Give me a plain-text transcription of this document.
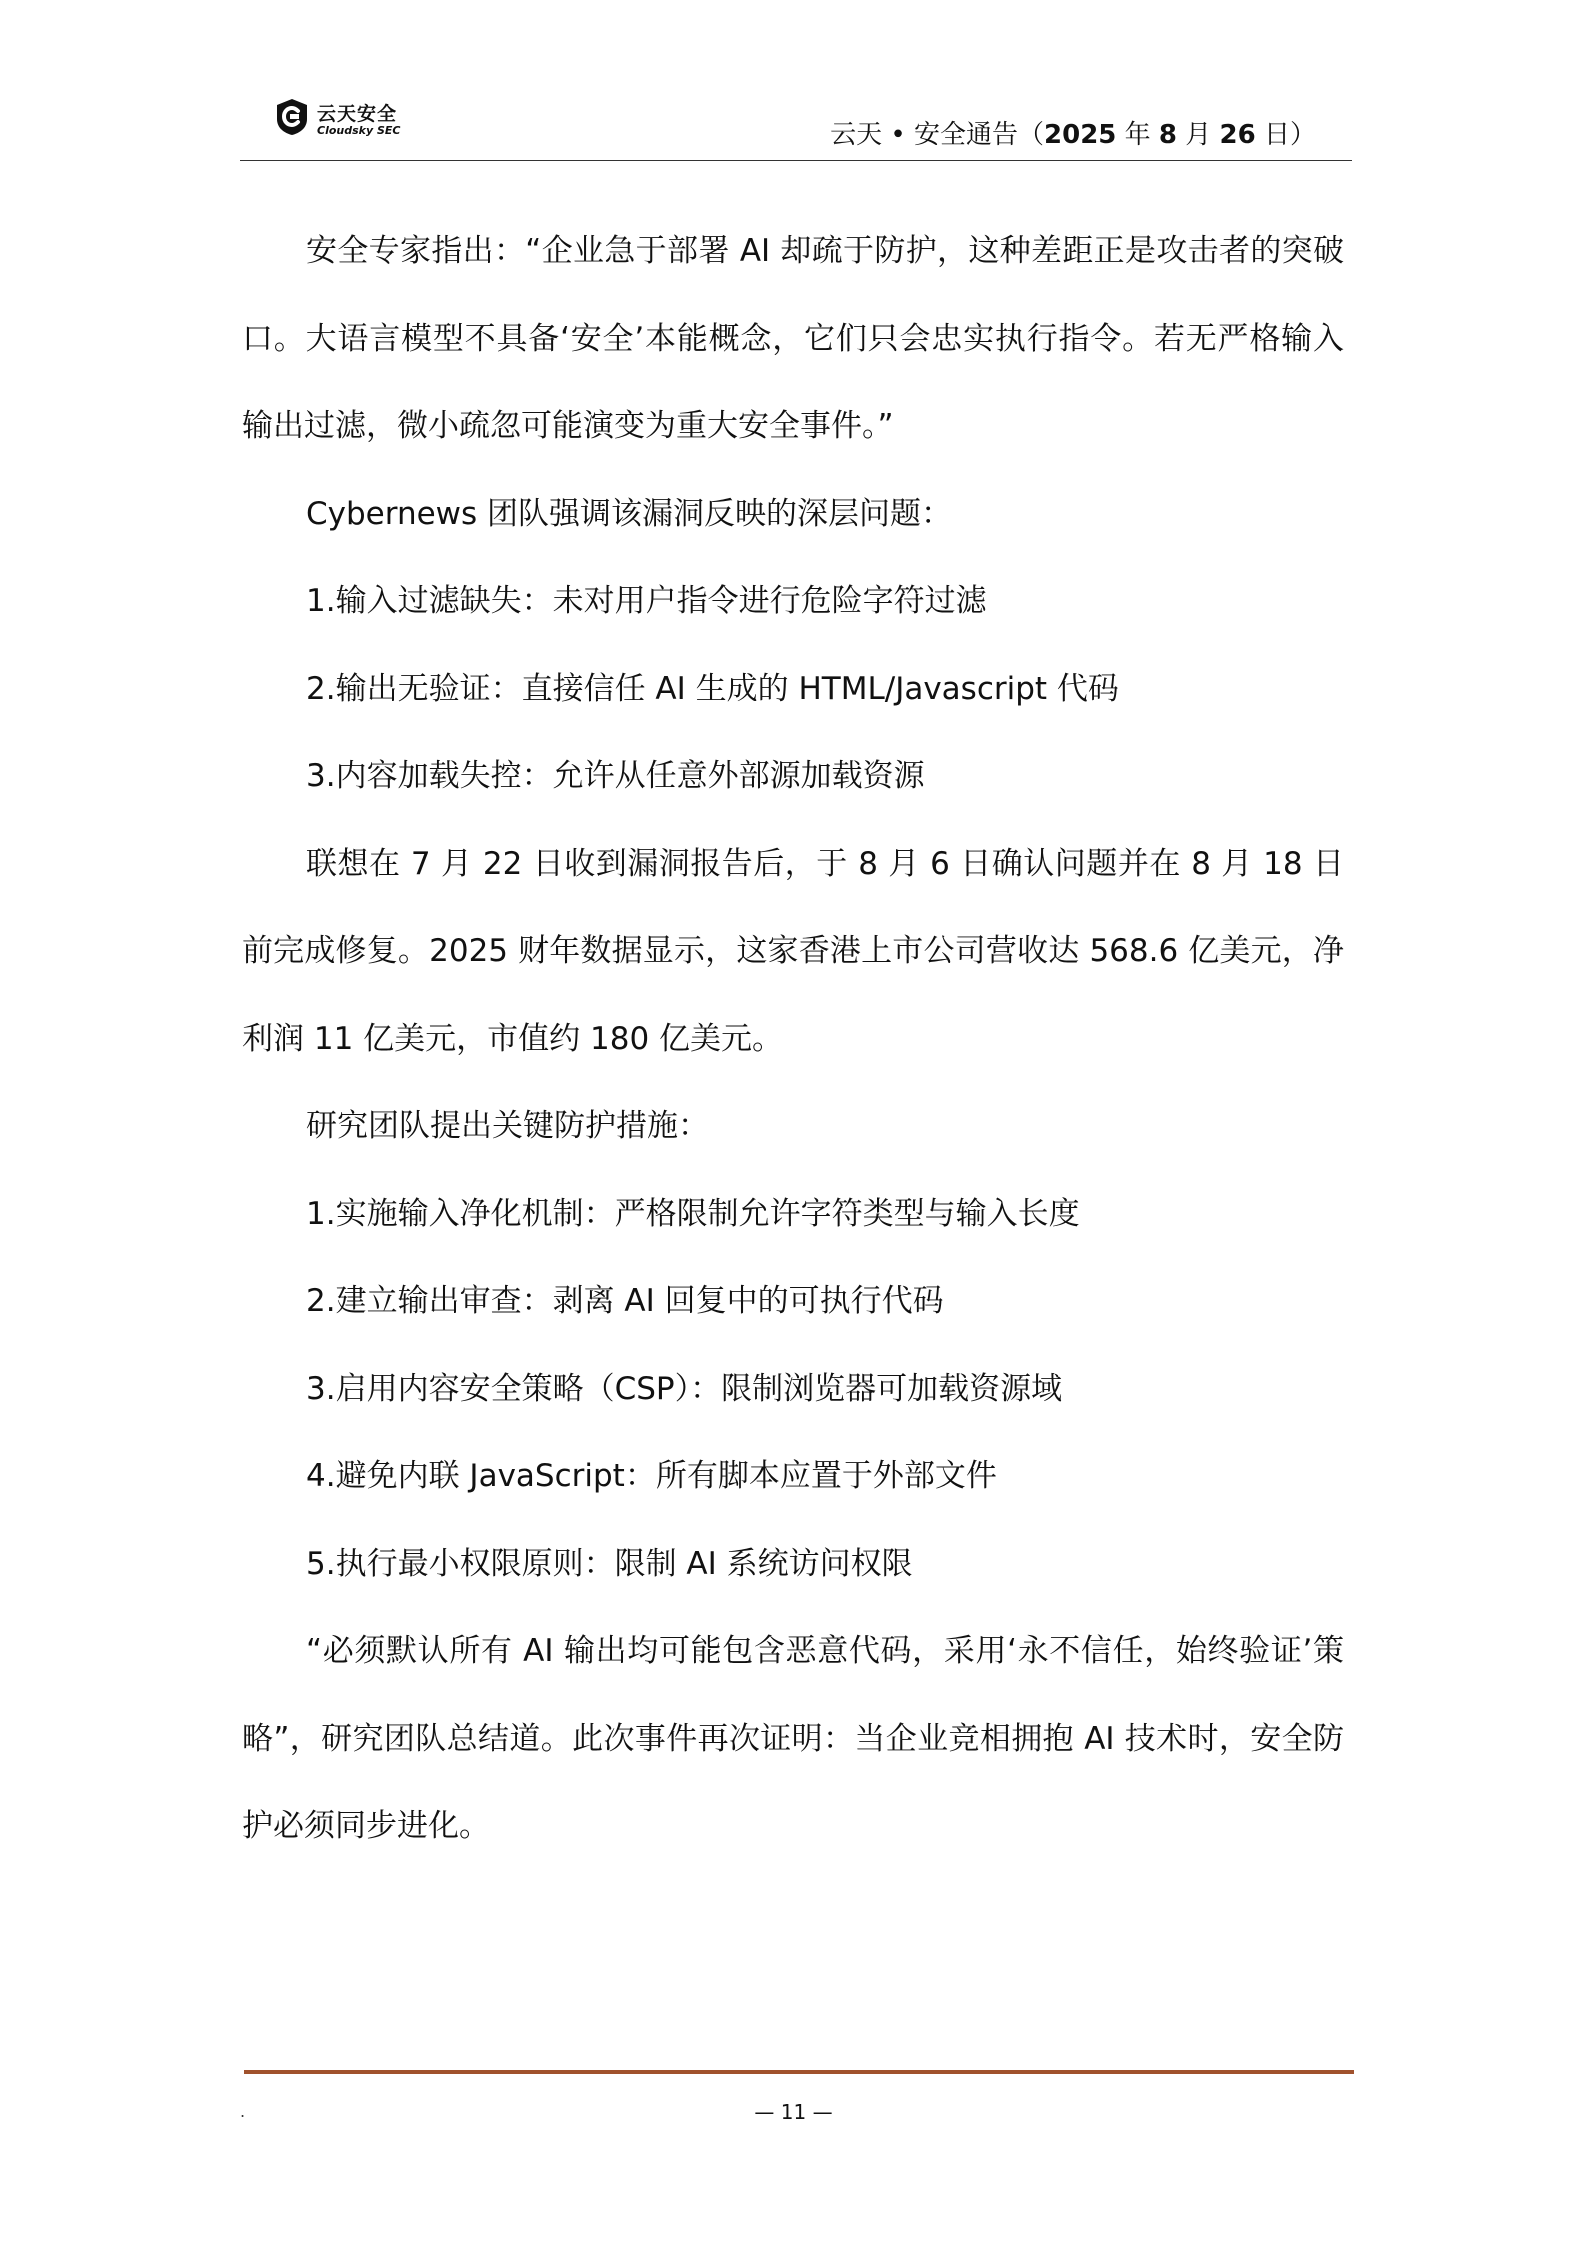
云天安全
Cloudsky SEC	云天 • 安全通告（2025 年 8 月 26 日）

安全专家指出：“企业急于部署 AI 却疏于防护，这种差距正是攻击者的突破口。大语言模型不具备‘安全’本能概念，它们只会忠实执行指令。若无严格输入输出过滤，微小疏忽可能演变为重大安全事件。”

Cybernews 团队强调该漏洞反映的深层问题：

1.输入过滤缺失：未对用户指令进行危险字符过滤

2.输出无验证：直接信任 AI 生成的 HTML/Javascript 代码

3.内容加载失控：允许从任意外部源加载资源

联想在 7 月 22 日收到漏洞报告后，于 8 月 6 日确认问题并在 8 月 18 日前完成修复。2025 财年数据显示，这家香港上市公司营收达 568.6 亿美元，净利润 11 亿美元，市值约 180 亿美元。

研究团队提出关键防护措施：

1.实施输入净化机制：严格限制允许字符类型与输入长度

2.建立输出审查：剥离 AI 回复中的可执行代码

3.启用内容安全策略（CSP）：限制浏览器可加载资源域

4.避免内联 JavaScript：所有脚本应置于外部文件

5.执行最小权限原则：限制 AI 系统访问权限

“必须默认所有 AI 输出均可能包含恶意代码，采用‘永不信任，始终验证’策略”，研究团队总结道。此次事件再次证明：当企业竞相拥抱 AI 技术时，安全防护必须同步进化。

.	— 11 —
